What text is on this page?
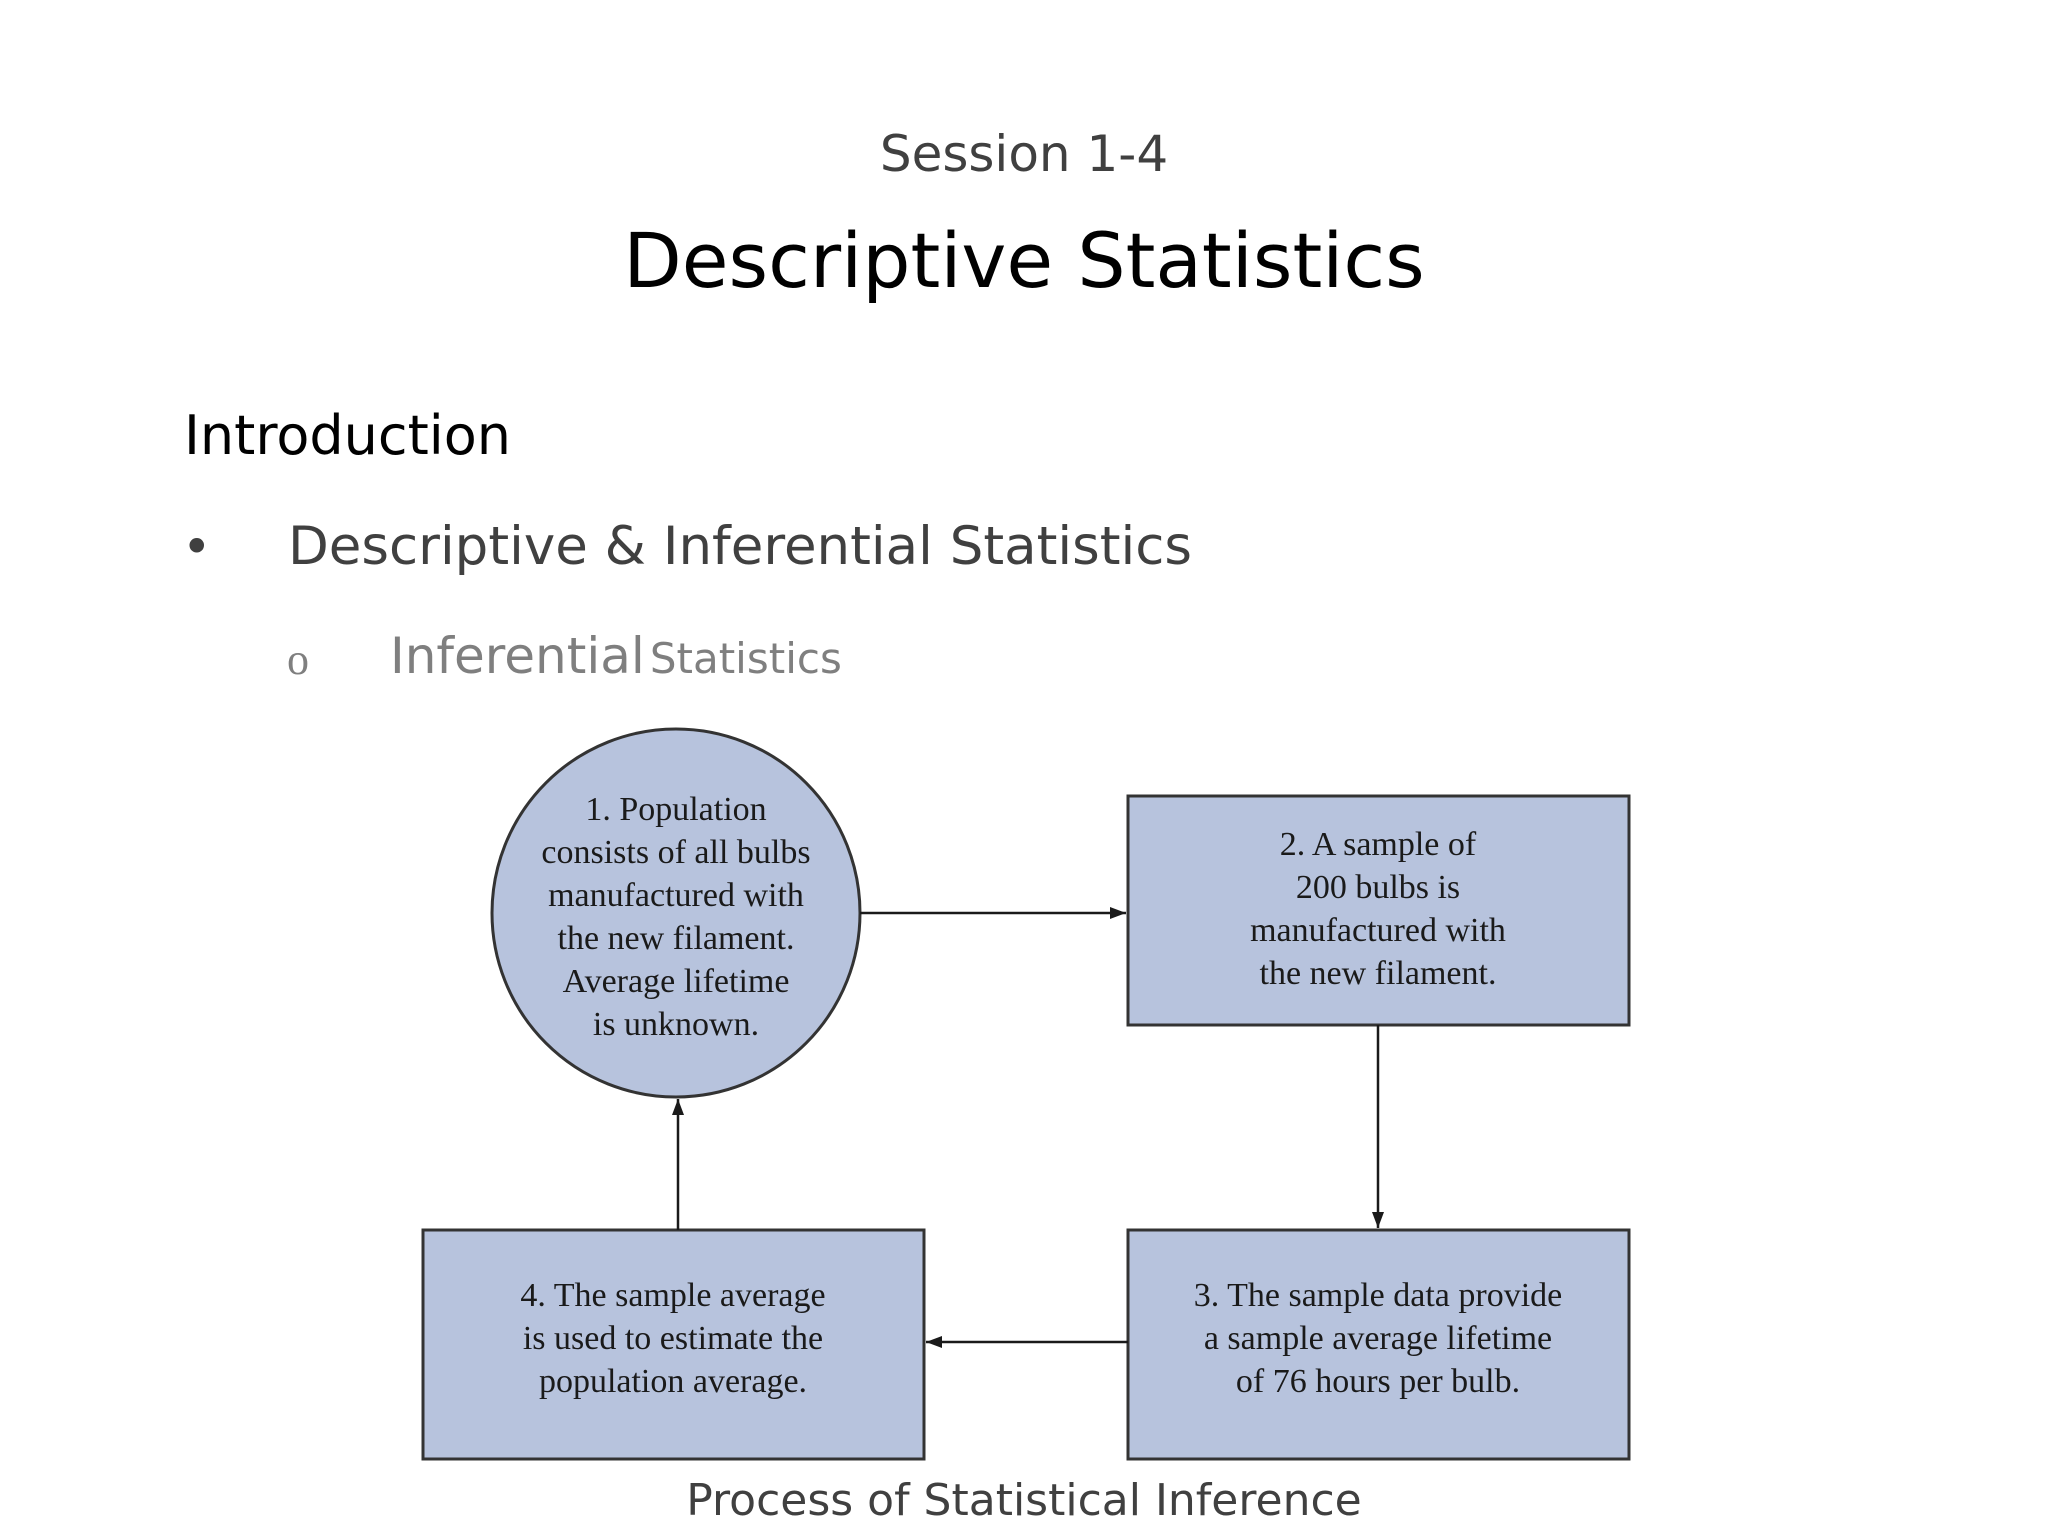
Session 1-4
Descriptive Statistics
Introduction
• Descriptive & Inferential Statistics
o Inferential Statistics
1. Population consists of all bulbs manufactured with the new filament. Average lifetime is unknown.
2. A sample of 200 bulbs is manufactured with the new filament.
3. The sample data provide a sample average lifetime of 76 hours per bulb.
4. The sample average is used to estimate the population average.
Process of Statistical Inference
